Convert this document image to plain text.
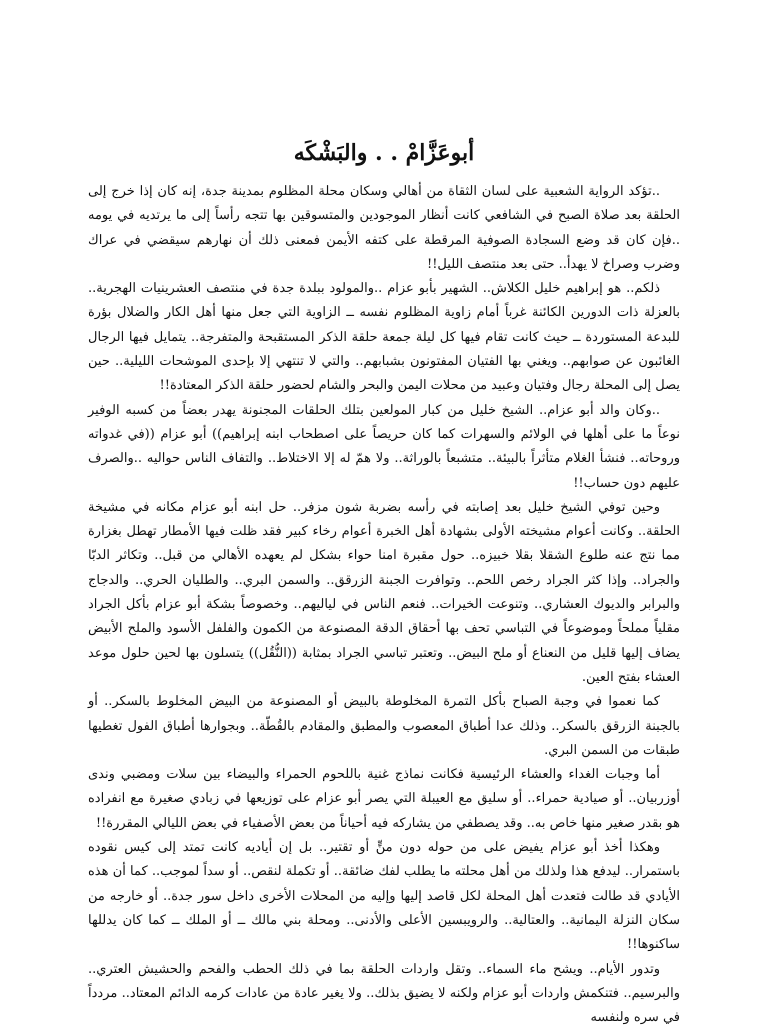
أبوعَزَّامْ . . والبَشْكَه

..تؤكد الرواية الشعبية على لسان الثقاة من أهالي وسكان محلة المظلوم بمدينة جدة، إنه كان إذا خرج إلى الحلقة بعد صلاة الصبح في الشافعي كانت أنظار الموجودين والمتسوقين بها تتجه رأساً إلى ما يرتديه في يومه ..فإن كان قد وضع السجادة الصوفية المرقطة على كتفه الأيمن فمعنى ذلك أن نهارهم سيقضي في عراك وضرب وصراخ لا يهدأ.. حتى بعد منتصف الليل!!

ذلكم.. هو إبراهيم خليل الكلاش.. الشهير بأبو عزام ..والمولود ببلدة جدة في منتصف العشرينيات الهجرية.. بالعزلة ذات الدورين الكائنة غرباً أمام زاوية المظلوم نفسه ــ الزاوية التي جعل منها أهل الكار والضلال بؤرة للبدعة المستوردة ــ حيث كانت تقام فيها كل ليلة جمعة حلقة الذكر المستقبحة والمتفرجة.. يتمايل فيها الرجال الغائبون عن صوابهم.. ويغني بها الفتيان المفتونون بشبابهم.. والتي لا تنتهي إلا بإحدى الموشحات الليلية.. حين يصل إلى المحلة رجال وفتيان وعبيد من محلات اليمن والبحر والشام لحضور حلقة الذكر المعتادة!!

..وكان والد أبو عزام.. الشيخ خليل من كبار المولعين بتلك الحلقات المجنونة يهدر بعضاً من كسبه الوفير نوعاً ما على أهلها في الولائم والسهرات كما كان حريصاً على اصطحاب ابنه إبراهيم)) أبو عزام ((في غدواته وروحاته.. فنشأ الغلام متأثراً بالبيئة.. متشبعاً بالوراثة.. ولا همّ له إلا الاختلاط.. والتفاف الناس حواليه ..والصرف عليهم دون حساب!!

وحين توفي الشيخ خليل بعد إصابته في رأسه بضربة شون مزفر.. حل ابنه أبو عزام مكانه في مشيخة الحلقة.. وكانت أعوام مشيخته الأولى بشهادة أهل الخبرة أعوام رخاء كبير فقد ظلت فيها الأمطار تهطل بغزارة مما نتج عنه طلوع الشقلا بقلا خبيزه.. حول مقبرة امنا حواء بشكل لم يعهده الأهالي من قبل.. وتكاثر الدبّا والجراد.. وإذا كثر الجراد رخص اللحم.. وتوافرت الجبنة الزرقق.. والسمن البري.. والطليان الحري.. والدجاج والبرابر والديوك العشاري.. وتنوعت الخيرات.. فنعم الناس في لياليهم.. وخصوصاً بشكة أبو عزام بأكل الجراد مقلياً مملحاً وموضوعاً في التباسي تحف بها أحقاق الدقة المصنوعة من الكمون والفلفل الأسود والملح الأبيض يضاف إليها قليل من النعناع أو ملح البيض.. وتعتبر تباسي الجراد بمثابة ((النُّقُل)) يتسلون بها لحين حلول موعد العشاء بفتح العين.

كما نعموا في وجبة الصباح بأكل التمرة المخلوطة بالبيض أو المصنوعة من البيض المخلوط بالسكر.. أو بالجبنة الزرقق بالسكر.. وذلك عدا أطباق المعصوب والمطبق والمقادم بالقُطّة.. وبجوارها أطباق الفول تغطيها طبقات من السمن البري.

أما وجبات الغداء والعشاء الرئيسية فكانت نماذج غنية باللحوم الحمراء والبيضاء بين سلات ومضبي وندى أوزربيان.. أو صيادية حمراء.. أو سليق مع العيبلة التي يصر أبو عزام على توزيعها في زبادي صغيرة مع انفراده هو بقدر صغير منها خاص به.. وقد يصطفي من يشاركه فيه أحياناً من بعض الأصفياء في بعض الليالي المقررة!!

وهكذا أخذ أبو عزام يفيض على من حوله دون منٍّ أو تقتير.. بل إن أياديه كانت تمتد إلى كيس نقوده باستمرار.. ليدفع هذا ولذلك من أهل محلته ما يطلب لفك ضائقة.. أو تكملة لنقص.. أو سداً لموجب.. كما أن هذه الأيادي قد طالت فتعدت أهل المحلة لكل قاصد إليها وإليه من المحلات الأخرى داخل سور جدة.. أو خارجه من سكان النزلة اليمانية.. والعتالية.. والرويبسين الأعلى والأدنى.. ومحلة بني مالك ــ أو الملك ــ كما كان يدللها ساكنوها!!

وتدور الأيام.. ويشح ماء السماء.. وتقل واردات الحلقة بما في ذلك الحطب والفحم والحشيش العتري.. والبرسيم.. فتنكمش واردات أبو عزام ولكنه لا يضيق بذلك.. ولا يغير عادة من عادات كرمه الدائم المعتاد.. مردداً في سره ولنفسه
